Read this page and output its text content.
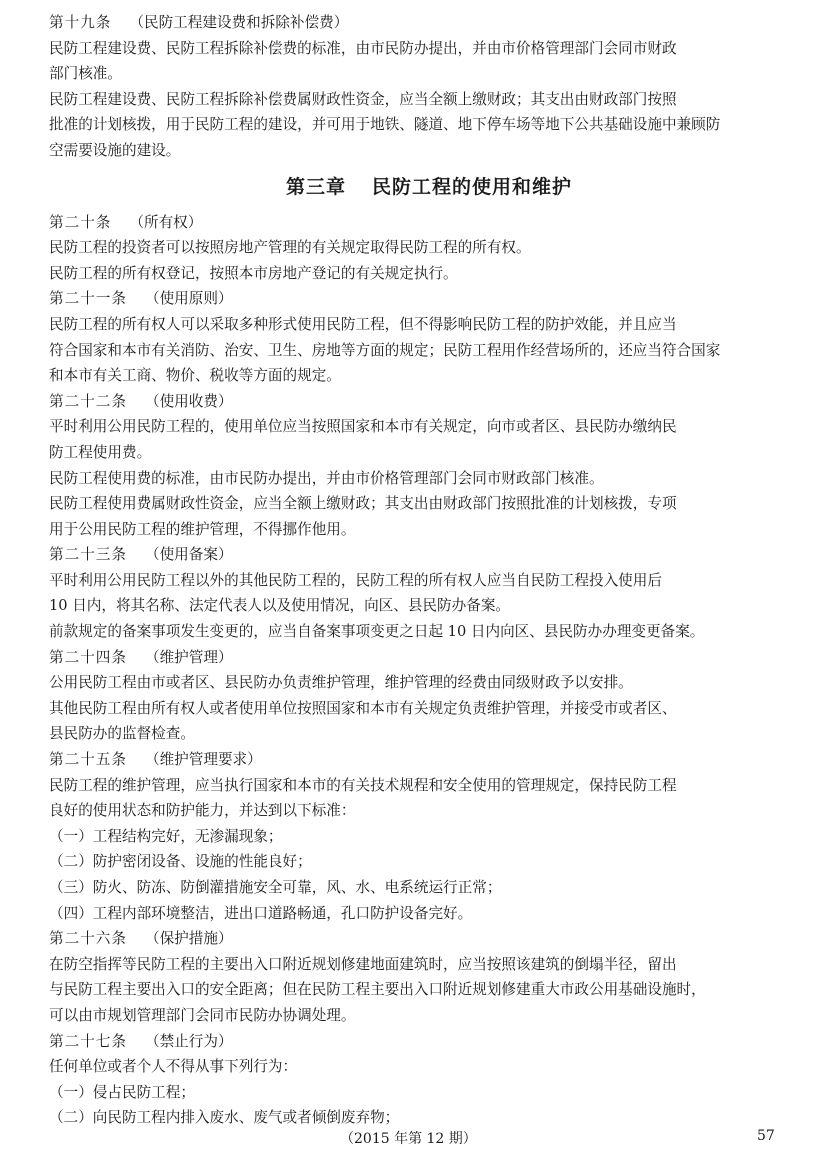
第十九条 （民防工程建设费和拆除补偿费）
民防工程建设费、民防工程拆除补偿费的标准，由市民防办提出，并由市价格管理部门会同市财政
部门核准。
民防工程建设费、民防工程拆除补偿费属财政性资金，应当全额上缴财政；其支出由财政部门按照
批准的计划核拨，用于民防工程的建设，并可用于地铁、隧道、地下停车场等地下公共基础设施中兼顾防
空需要设施的建设。
第三章 民防工程的使用和维护
第二十条 （所有权）
民防工程的投资者可以按照房地产管理的有关规定取得民防工程的所有权。
民防工程的所有权登记，按照本市房地产登记的有关规定执行。
第二十一条 （使用原则）
民防工程的所有权人可以采取多种形式使用民防工程，但不得影响民防工程的防护效能，并且应当
符合国家和本市有关消防、治安、卫生、房地等方面的规定；民防工程用作经营场所的，还应当符合国家
和本市有关工商、物价、税收等方面的规定。
第二十二条 （使用收费）
平时利用公用民防工程的，使用单位应当按照国家和本市有关规定，向市或者区、县民防办缴纳民
防工程使用费。
民防工程使用费的标准，由市民防办提出，并由市价格管理部门会同市财政部门核准。
民防工程使用费属财政性资金，应当全额上缴财政；其支出由财政部门按照批准的计划核拨，专项
用于公用民防工程的维护管理，不得挪作他用。
第二十三条 （使用备案）
平时利用公用民防工程以外的其他民防工程的，民防工程的所有权人应当自民防工程投入使用后
10 日内，将其名称、法定代表人以及使用情况，向区、县民防办备案。
前款规定的备案事项发生变更的，应当自备案事项变更之日起 10 日内向区、县民防办办理变更备案。
第二十四条 （维护管理）
公用民防工程由市或者区、县民防办负责维护管理，维护管理的经费由同级财政予以安排。
其他民防工程由所有权人或者使用单位按照国家和本市有关规定负责维护管理，并接受市或者区、
县民防办的监督检查。
第二十五条 （维护管理要求）
民防工程的维护管理，应当执行国家和本市的有关技术规程和安全使用的管理规定，保持民防工程
良好的使用状态和防护能力，并达到以下标准：
（一）工程结构完好，无渗漏现象；
（二）防护密闭设备、设施的性能良好；
（三）防火、防冻、防倒灌措施安全可靠，风、水、电系统运行正常；
（四）工程内部环境整洁，进出口道路畅通，孔口防护设备完好。
第二十六条 （保护措施）
在防空指挥等民防工程的主要出入口附近规划修建地面建筑时，应当按照该建筑的倒塌半径，留出
与民防工程主要出入口的安全距离；但在民防工程主要出入口附近规划修建重大市政公用基础设施时，
可以由市规划管理部门会同市民防办协调处理。
第二十七条 （禁止行为）
任何单位或者个人不得从事下列行为：
（一）侵占民防工程；
（二）向民防工程内排入废水、废气或者倾倒废弃物；
（2015 年第 12 期）	57
